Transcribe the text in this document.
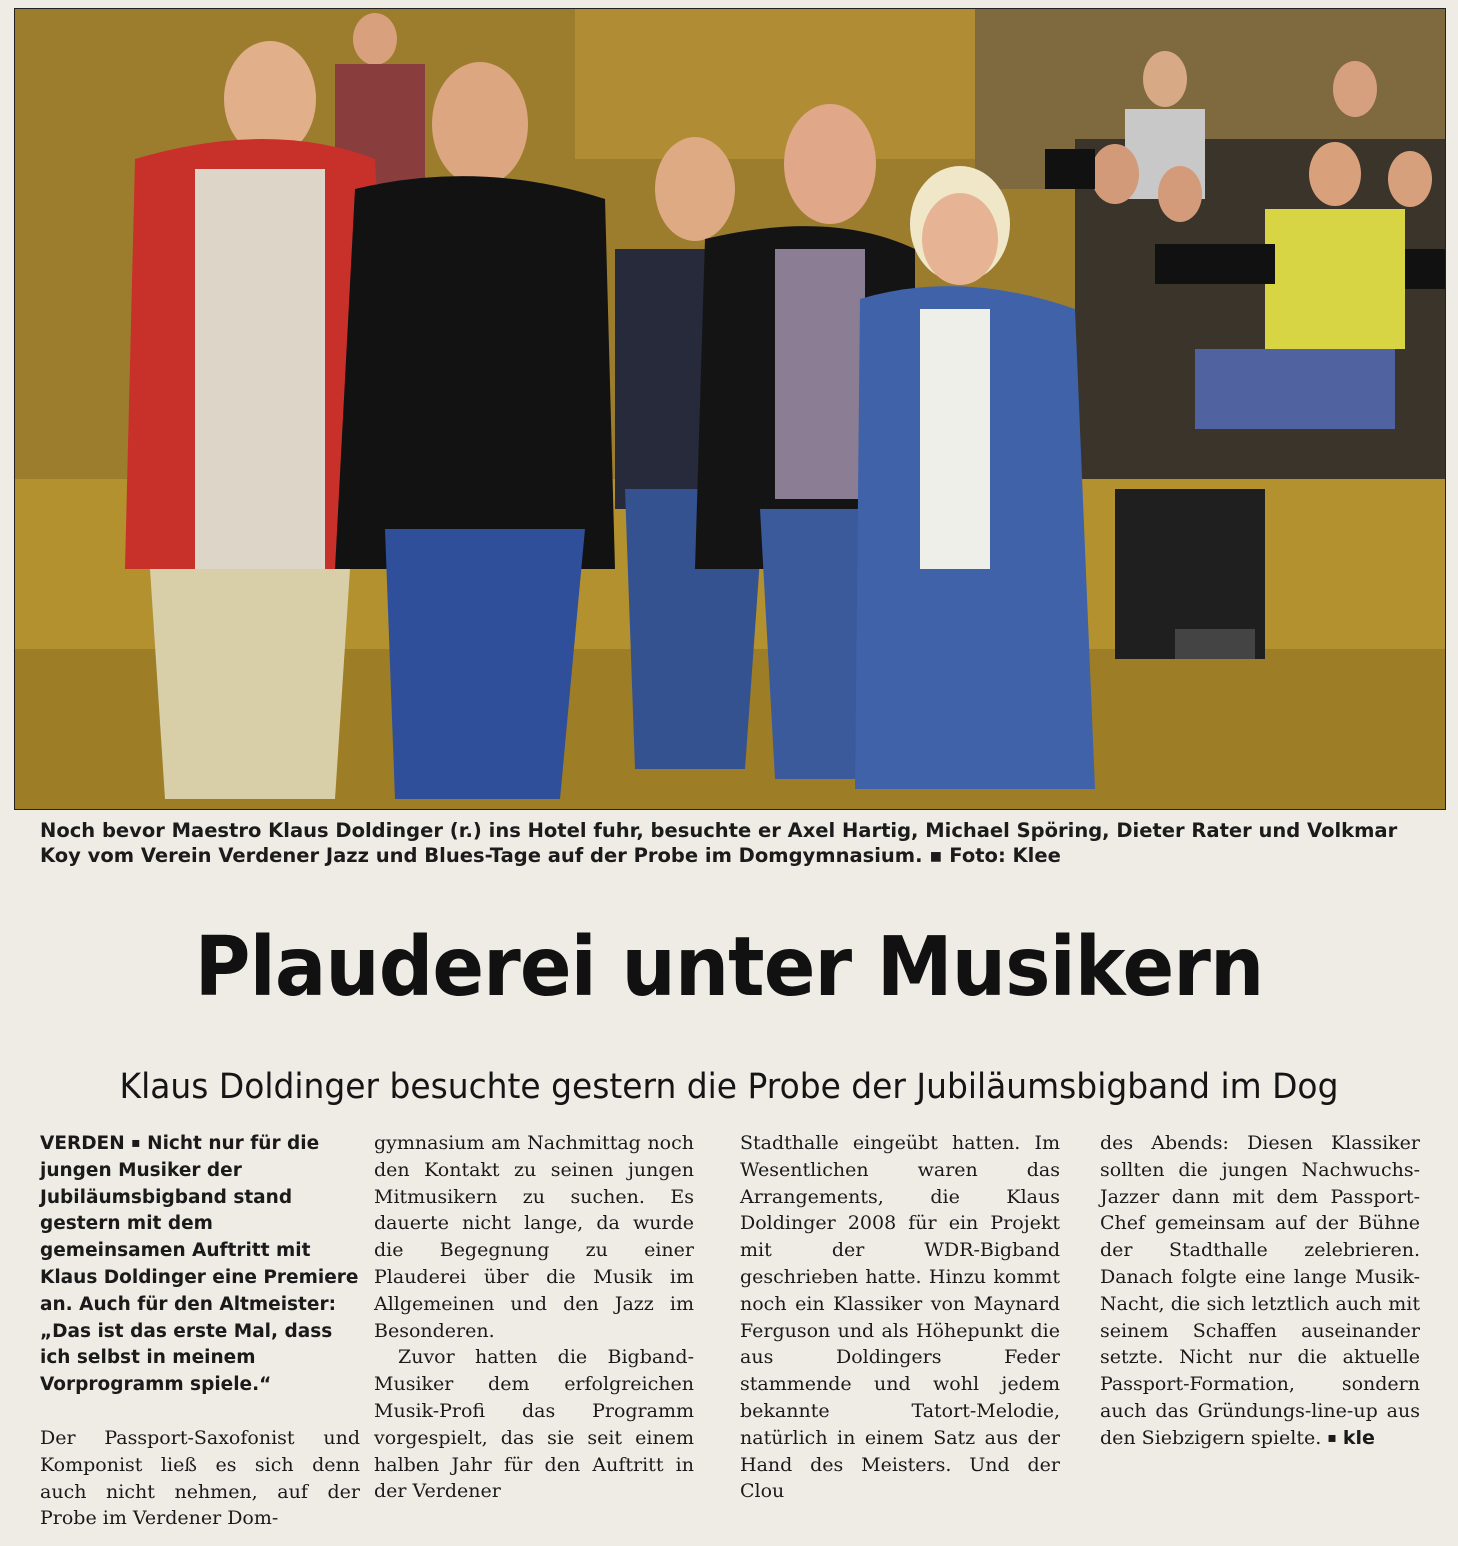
Noch bevor Maestro Klaus Doldinger (r.) ins Hotel fuhr, besuchte er Axel Hartig, Michael Spöring, Dieter Rater und Volkmar Koy vom Verein Verdener Jazz und Blues-Tage auf der Probe im Domgymnasium. ▪ Foto: Klee
Plauderei unter Musikern
Klaus Doldinger besuchte gestern die Probe der Jubiläumsbigband im Dog

VERDEN ▪ Nicht nur für die jungen Musiker der Jubiläumsbigband stand gestern mit dem gemeinsamen Auftritt mit Klaus Doldinger eine Premiere an. Auch für den Altmeister: „Das ist das erste Mal, dass ich selbst in meinem Vorprogramm spiele.“

Der Passport-Saxofonist und Komponist ließ es sich denn auch nicht nehmen, auf der Probe im Verdener Dom-

gymnasium am Nachmittag noch den Kontakt zu seinen jungen Mitmusikern zu suchen. Es dauerte nicht lange, da wurde die Begegnung zu einer Plauderei über die Musik im Allgemeinen und den Jazz im Besonderen.

Zuvor hatten die Bigband-Musiker dem erfolgreichen Musik-Profi das Programm vorgespielt, das sie seit einem halben Jahr für den Auftritt in der Verdener

Stadthalle eingeübt hatten. Im Wesentlichen waren das Arrangements, die Klaus Doldinger 2008 für ein Projekt mit der WDR-Bigband geschrieben hatte. Hinzu kommt noch ein Klassiker von Maynard Ferguson und als Höhepunkt die aus Doldingers Feder stammende und wohl jedem bekannte Tatort-Melodie, natürlich in einem Satz aus der Hand des Meisters. Und der Clou

des Abends: Diesen Klassiker sollten die jungen Nachwuchs-Jazzer dann mit dem Passport-Chef gemeinsam auf der Bühne der Stadthalle zelebrieren. Danach folgte eine lange Musik-Nacht, die sich letztlich auch mit seinem Schaffen auseinander setzte. Nicht nur die aktuelle Passport-Formation, sondern auch das Gründungs-line-up aus den Siebzigern spielte. ▪ kle
